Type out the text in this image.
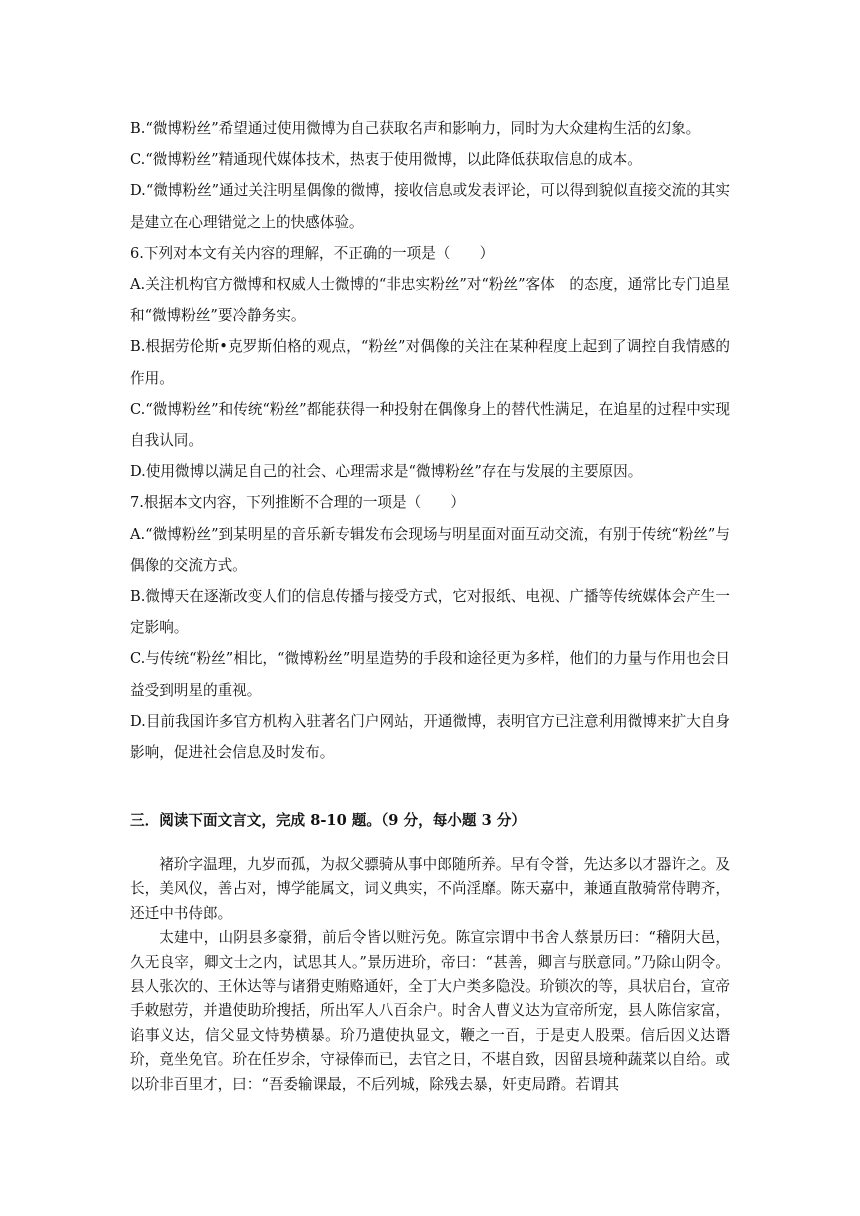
B.“微博粉丝”希望通过使用微博为自己获取名声和影响力，同时为大众建构生活的幻象。

C.“微博粉丝”精通现代媒体技术，热衷于使用微博，以此降低获取信息的成本。

D.“微博粉丝”通过关注明星偶像的微博，接收信息或发表评论，可以得到貌似直接交流的其实是建立在心理错觉之上的快感体验。

6.下列对本文有关内容的理解，不正确的一项是（　　）

A.关注机构官方微博和权威人士微博的“非忠实粉丝”对“粉丝”客体　的态度，通常比专门追星和“微博粉丝”要冷静务实。

B.根据劳伦斯•克罗斯伯格的观点，“粉丝”对偶像的关注在某种程度上起到了调控自我情感的作用。

C.“微博粉丝”和传统“粉丝”都能获得一种投射在偶像身上的替代性满足，在追星的过程中实现自我认同。

D.使用微博以满足自己的社会、心理需求是“微博粉丝”存在与发展的主要原因。

7.根据本文内容，下列推断不合理的一项是（　　）

A.“微博粉丝”到某明星的音乐新专辑发布会现场与明星面对面互动交流，有别于传统“粉丝”与偶像的交流方式。

B.微博天在逐渐改变人们的信息传播与接受方式，它对报纸、电视、广播等传统媒体会产生一定影响。

C.与传统“粉丝”相比，“微博粉丝”明星造势的手段和途径更为多样，他们的力量与作用也会日益受到明星的重视。

D.目前我国许多官方机构入驻著名门户网站，开通微博，表明官方已注意利用微博来扩大自身影响，促进社会信息及时发布。

三．阅读下面文言文，完成 8-10 题。（9 分，每小题 3 分）

褚玠字温理，九岁而孤，为叔父骠骑从事中郎随所养。早有令誉，先达多以才器许之。及长，美风仪，善占对，博学能属文，词义典实，不尚淫靡。陈天嘉中，兼通直散骑常侍聘齐，还迁中书侍郎。

太建中，山阴县多豪猾，前后令皆以赃污免。陈宣宗谓中书舍人蔡景历曰：“稽阴大邑，久无良宰，卿文士之内，试思其人。”景历进玠，帝曰：“甚善，卿言与朕意同。”乃除山阴令。县人张次的、王休达等与诸猾吏贿赂通奸，全丁大户类多隐没。玠锁次的等，具状启台，宣帝手敕慰劳，并遣使助玠搜括，所出军人八百余户。时舍人曹义达为宣帝所宠，县人陈信家富，谄事义达，信父显文恃势横暴。玠乃遣使执显文，鞭之一百，于是吏人股栗。信后因义达谮玠，竟坐免官。玠在任岁余，守禄俸而已，去官之日，不堪自致，因留县境种蔬菜以自给。或以玠非百里才，曰：“吾委输课最，不后列城，除残去暴，奸吏局蹐。若谓其
